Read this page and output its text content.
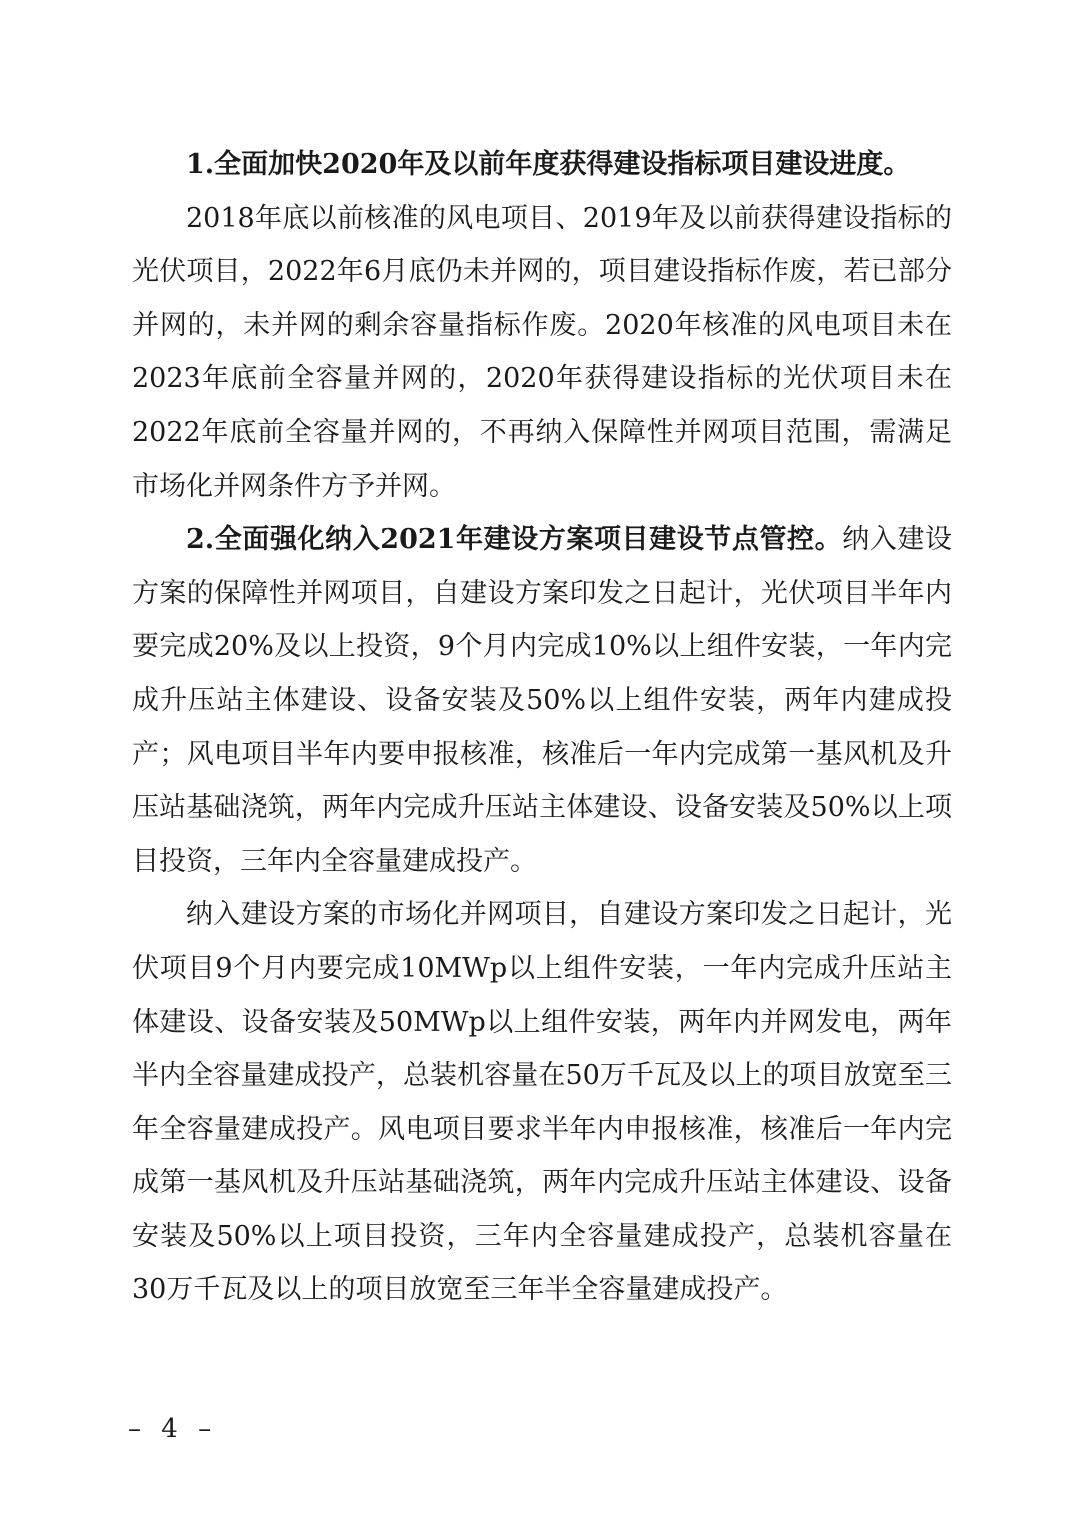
1.全面加快2020年及以前年度获得建设指标项目建设进度。

2018年底以前核准的风电项目、2019年及以前获得建设指标的光伏项目，2022年6月底仍未并网的，项目建设指标作废，若已部分并网的，未并网的剩余容量指标作废。2020年核准的风电项目未在2023年底前全容量并网的，2020年获得建设指标的光伏项目未在2022年底前全容量并网的，不再纳入保障性并网项目范围，需满足市场化并网条件方予并网。

2.全面强化纳入2021年建设方案项目建设节点管控。纳入建设方案的保障性并网项目，自建设方案印发之日起计，光伏项目半年内要完成20%及以上投资，9个月内完成10%以上组件安装，一年内完成升压站主体建设、设备安装及50%以上组件安装，两年内建成投产；风电项目半年内要申报核准，核准后一年内完成第一基风机及升压站基础浇筑，两年内完成升压站主体建设、设备安装及50%以上项目投资，三年内全容量建成投产。

纳入建设方案的市场化并网项目，自建设方案印发之日起计，光伏项目9个月内要完成10MWp以上组件安装，一年内完成升压站主体建设、设备安装及50MWp以上组件安装，两年内并网发电，两年半内全容量建成投产，总装机容量在50万千瓦及以上的项目放宽至三年全容量建成投产。风电项目要求半年内申报核准，核准后一年内完成第一基风机及升压站基础浇筑，两年内完成升压站主体建设、设备安装及50%以上项目投资，三年内全容量建成投产，总装机容量在30万千瓦及以上的项目放宽至三年半全容量建成投产。

– 4 –
